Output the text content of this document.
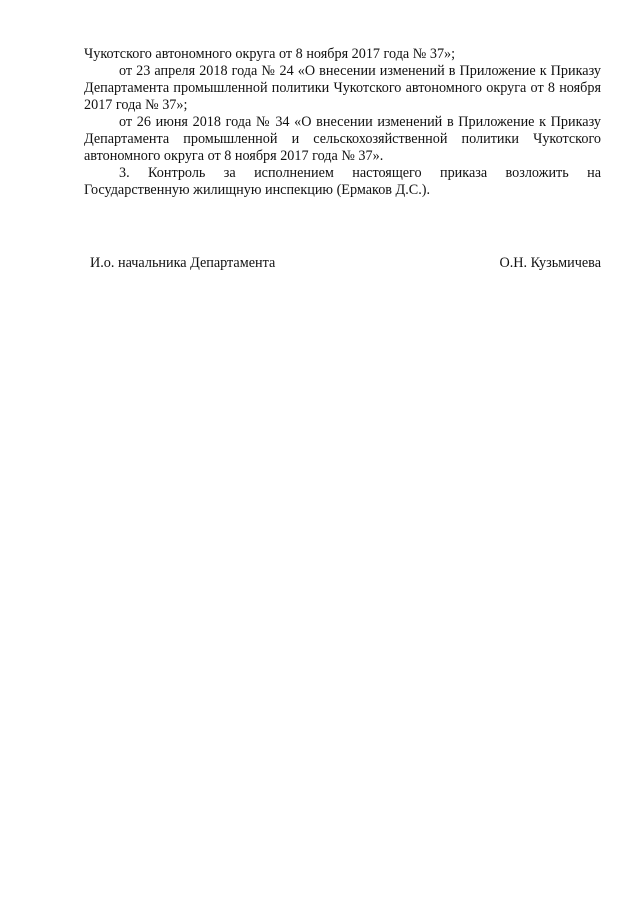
Чукотского автономного округа от 8 ноября 2017 года № 37»;

от 23 апреля 2018 года № 24 «О внесении изменений в Приложение к Приказу Департамента промышленной политики Чукотского автономного округа от 8 ноября 2017 года № 37»;

от 26 июня 2018 года № 34 «О внесении изменений в Приложение к Приказу Департамента промышленной и сельскохозяйственной политики Чукотского автономного округа от 8 ноября 2017 года № 37».

3. Контроль за исполнением настоящего приказа возложить на Государственную жилищную инспекцию (Ермаков Д.С.).

И.о. начальника Департамента	О.Н. Кузьмичева
